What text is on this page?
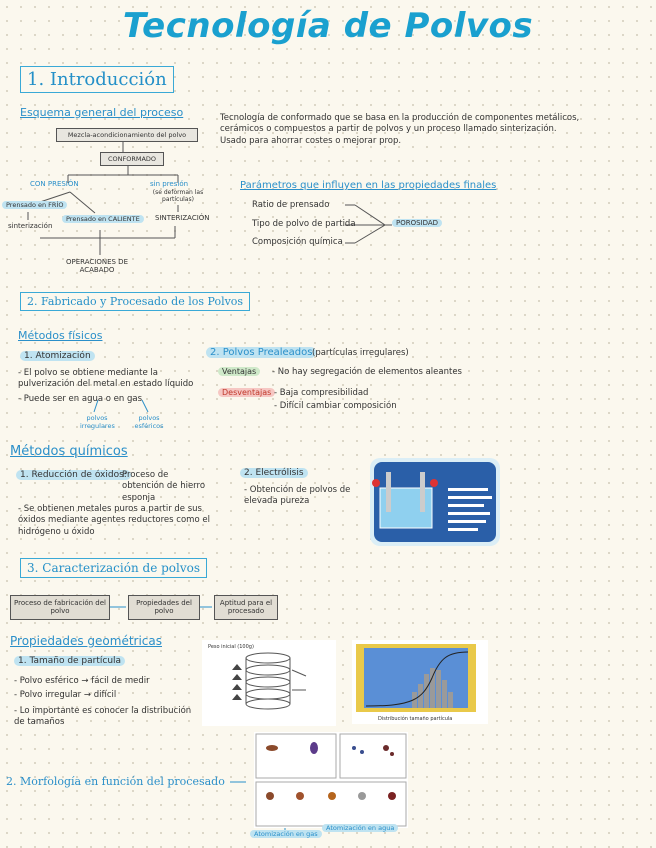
Tecnología de Polvos
1. Introducción
Esquema general del proceso
Mezcla-acondicionamiento del polvo
CONFORMADO
CON PRESIÓN	sin presión
(se deforman las partículas)
Prensado en FRÍO
Prensado en CALIENTE
sinterización
SINTERIZACIÓN
OPERACIONES DE ACABADO
Tecnología de conformado que se basa en la producción de componentes metálicos, cerámicos o compuestos a partir de polvos y un proceso llamado sinterización. Usado para ahorrar costes o mejorar prop.
Parámetros que influyen en las propiedades finales
Ratio de prensado
Tipo de polvo de partida
Composición química
POROSIDAD
2. Fabricado y Procesado de los Polvos
Métodos físicos
1. Atomización
- El polvo se obtiene mediante la pulverización del metal en estado líquido
- Puede ser en agua o en gas
polvos irregulares
polvos esféricos
2. Polvos Prealeados (partículas irregulares)
Ventajas	- No hay segregación de elementos aleantes
Desventajas - Baja compresibilidad
- Difícil cambiar composición
Métodos químicos
1. Reducción de óxidos:
Proceso de obtención de hierro esponja
- Se obtienen metales puros a partir de sus óxidos mediante agentes reductores como el hidrógeno u óxido
2. Electrólisis
- Obtención de polvos de elevada pureza
3. Caracterización de polvos
Proceso de fabricación del polvo
Propiedades del polvo
Aptitud para el procesado
Propiedades geométricas
1. Tamaño de partícula
- Polvo esférico → fácil de medir
- Polvo irregular → difícil
- Lo importante es conocer la distribución de tamaños
Peso inicial (100g)
Distribución tamaño partícula
2. Morfología en función del procesado
Atomización en gas
Atomización en agua
